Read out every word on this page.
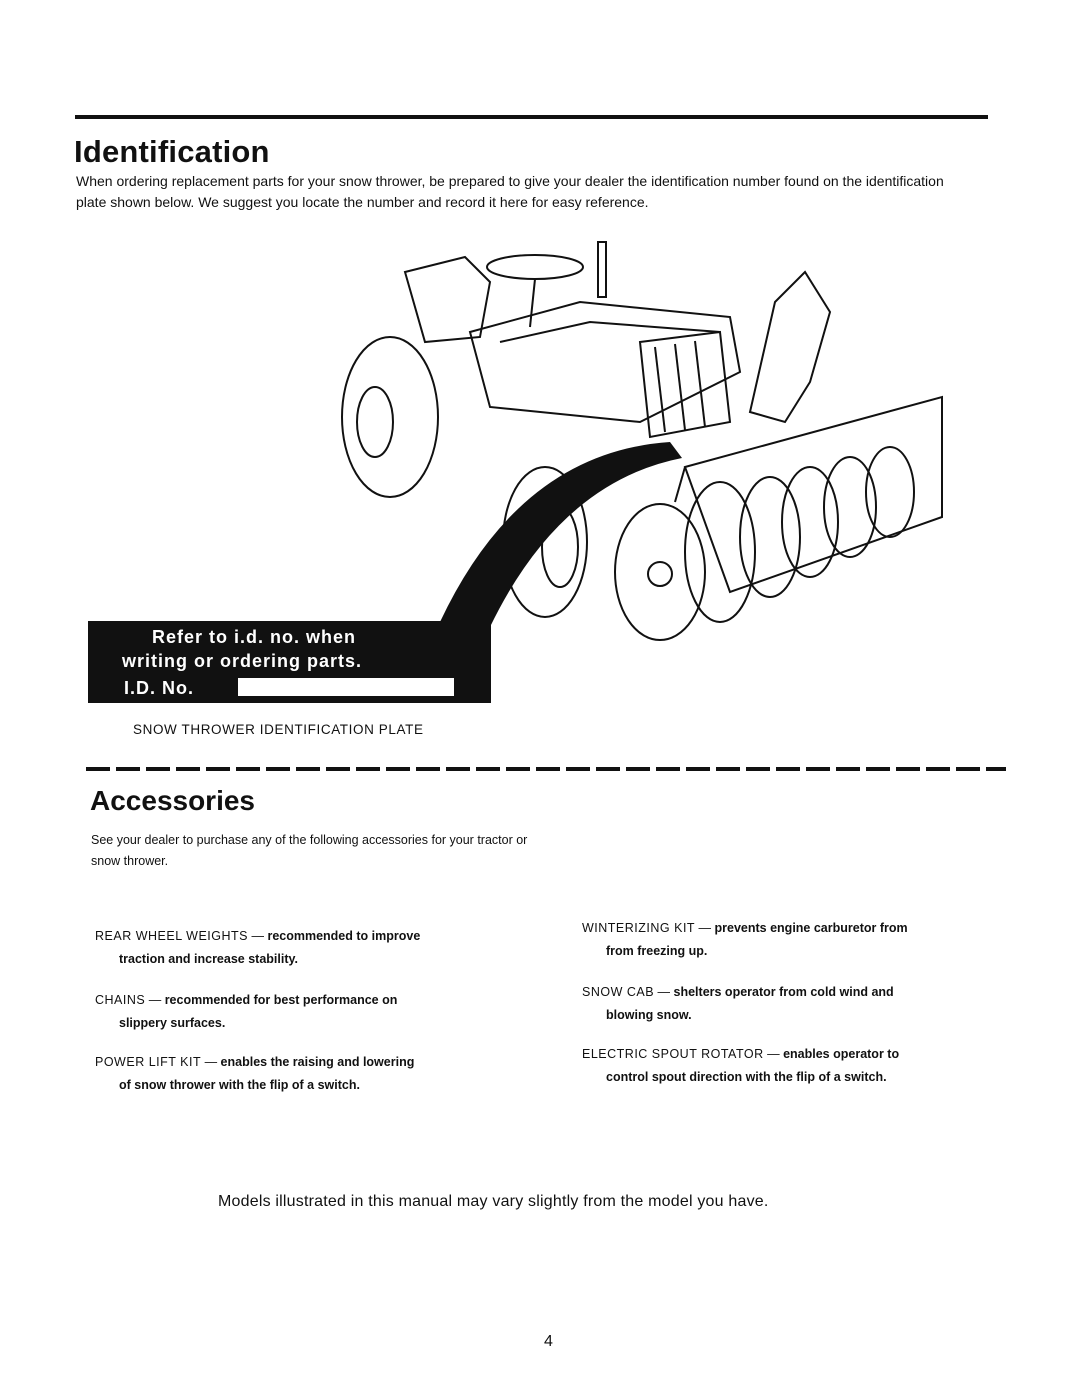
Identification
When ordering replacement parts for your snow thrower, be prepared to give your dealer the identification number found on the identification plate shown below. We suggest you locate the number and record it here for easy reference.
Refer to i.d. no. when
writing or ordering parts.
I.D. No.
SNOW THROWER IDENTIFICATION PLATE
Accessories
See your dealer to purchase any of the following accessories for your tractor or snow thrower.
REAR WHEEL WEIGHTS — recommended to improve
traction and increase stability.
CHAINS — recommended for best performance on
slippery surfaces.
POWER LIFT KIT — enables the raising and lowering
of snow thrower with the flip of a switch.
WINTERIZING KIT — prevents engine carburetor from
from freezing up.
SNOW CAB — shelters operator from cold wind and
blowing snow.
ELECTRIC SPOUT ROTATOR — enables operator to
control spout direction with the flip of a switch.
Models illustrated in this manual may vary slightly from the model you have.
4
